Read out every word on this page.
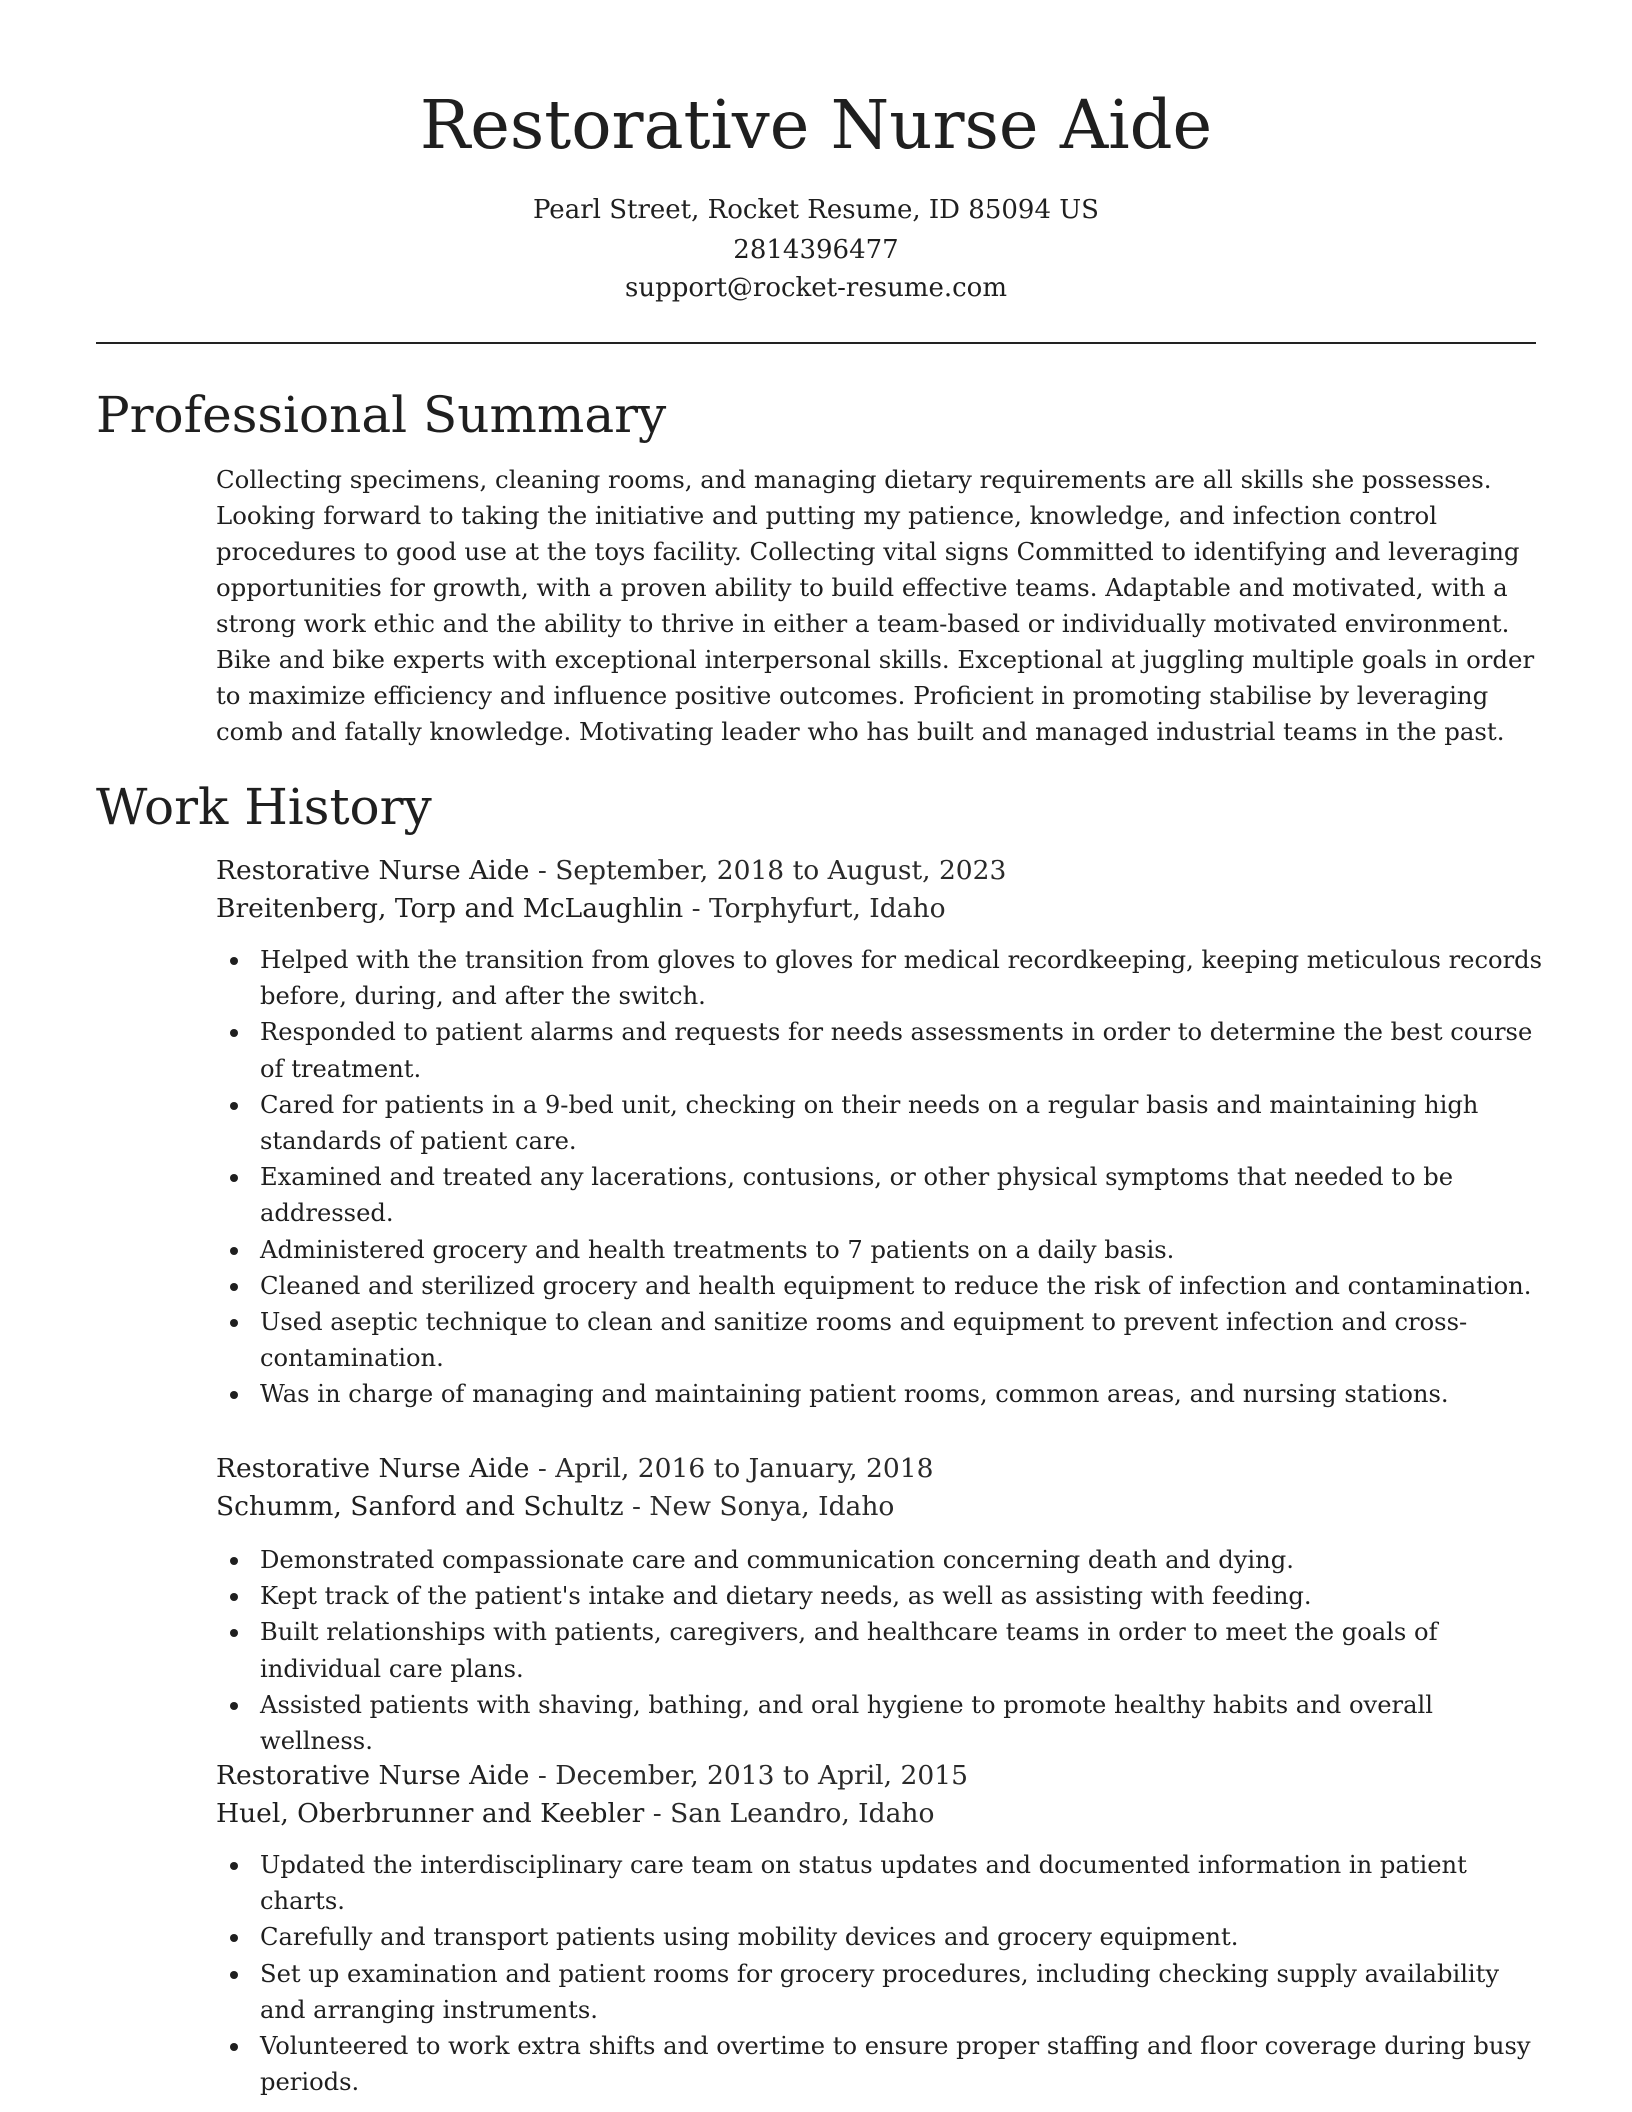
Restorative Nurse Aide

Pearl Street, Rocket Resume, ID 85094 US

2814396477

support@rocket-resume.com

Professional Summary

Collecting specimens, cleaning rooms, and managing dietary requirements are all skills she possesses. Looking forward to taking the initiative and putting my patience, knowledge, and infection control procedures to good use at the toys facility. Collecting vital signs Committed to identifying and leveraging opportunities for growth, with a proven ability to build effective teams. Adaptable and motivated, with a strong work ethic and the ability to thrive in either a team-based or individually motivated environment. Bike and bike experts with exceptional interpersonal skills. Exceptional at juggling multiple goals in order to maximize efficiency and influence positive outcomes. Proficient in promoting stabilise by leveraging comb and fatally knowledge. Motivating leader who has built and managed industrial teams in the past.

Work History

Restorative Nurse Aide - September, 2018 to August, 2023

Breitenberg, Torp and McLaughlin - Torphyfurt, Idaho

Helped with the transition from gloves to gloves for medical recordkeeping, keeping meticulous records before, during, and after the switch.
Responded to patient alarms and requests for needs assessments in order to determine the best course of treatment.
Cared for patients in a 9-bed unit, checking on their needs on a regular basis and maintaining high standards of patient care.
Examined and treated any lacerations, contusions, or other physical symptoms that needed to be addressed.
Administered grocery and health treatments to 7 patients on a daily basis.
Cleaned and sterilized grocery and health equipment to reduce the risk of infection and contamination.
Used aseptic technique to clean and sanitize rooms and equipment to prevent infection and cross-contamination.
Was in charge of managing and maintaining patient rooms, common areas, and nursing stations.

Restorative Nurse Aide - April, 2016 to January, 2018

Schumm, Sanford and Schultz - New Sonya, Idaho

Demonstrated compassionate care and communication concerning death and dying.
Kept track of the patient's intake and dietary needs, as well as assisting with feeding.
Built relationships with patients, caregivers, and healthcare teams in order to meet the goals of individual care plans.
Assisted patients with shaving, bathing, and oral hygiene to promote healthy habits and overall wellness.

Restorative Nurse Aide - December, 2013 to April, 2015

Huel, Oberbrunner and Keebler - San Leandro, Idaho

Updated the interdisciplinary care team on status updates and documented information in patient charts.
Carefully and transport patients using mobility devices and grocery equipment.
Set up examination and patient rooms for grocery procedures, including checking supply availability and arranging instruments.
Volunteered to work extra shifts and overtime to ensure proper staffing and floor coverage during busy periods.
